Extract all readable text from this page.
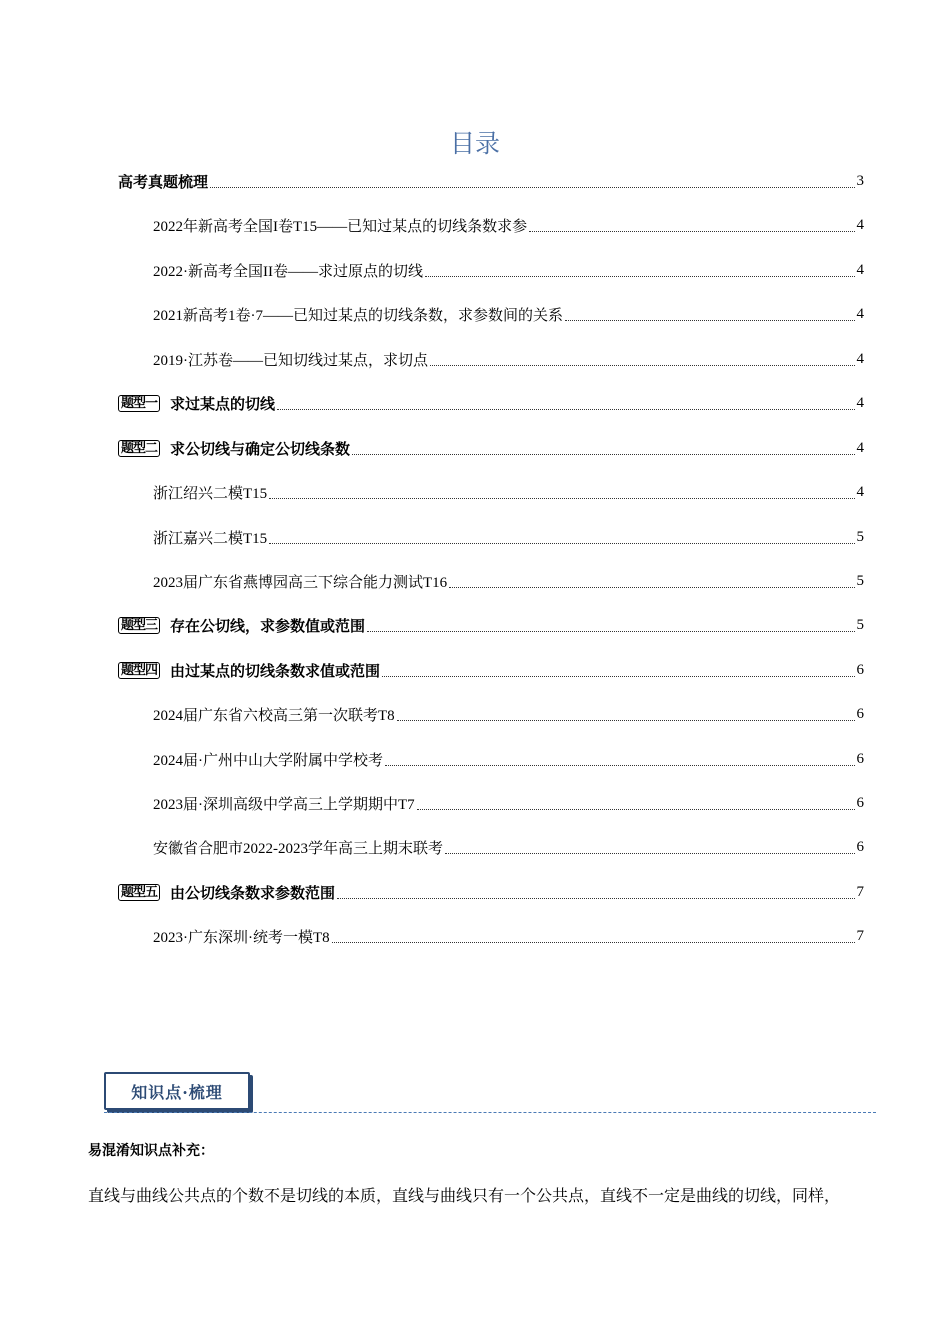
目录
高考真题梳理	3
2022年新高考全国I卷T15——已知过某点的切线条数求参	4
2022·新高考全国II卷——求过原点的切线	4
2021新高考1卷·7——已知过某点的切线条数，求参数间的关系	4
2019·江苏卷——已知切线过某点，求切点	4
题型一 求过某点的切线	4
题型二 求公切线与确定公切线条数	4
浙江绍兴二模T15	4
浙江嘉兴二模T15	5
2023届广东省燕博园高三下综合能力测试T16	5
题型三 存在公切线，求参数值或范围	5
题型四 由过某点的切线条数求值或范围	6
2024届广东省六校高三第一次联考T8	6
2024届·广州中山大学附属中学校考	6
2023届·深圳高级中学高三上学期期中T7	6
安徽省合肥市2022-2023学年高三上期末联考	6
题型五 由公切线条数求参数范围	7
2023·广东深圳·统考一模T8	7
知识点·梳理
易混淆知识点补充：
直线与曲线公共点的个数不是切线的本质，直线与曲线只有一个公共点，直线不一定是曲线的切线，同样，
